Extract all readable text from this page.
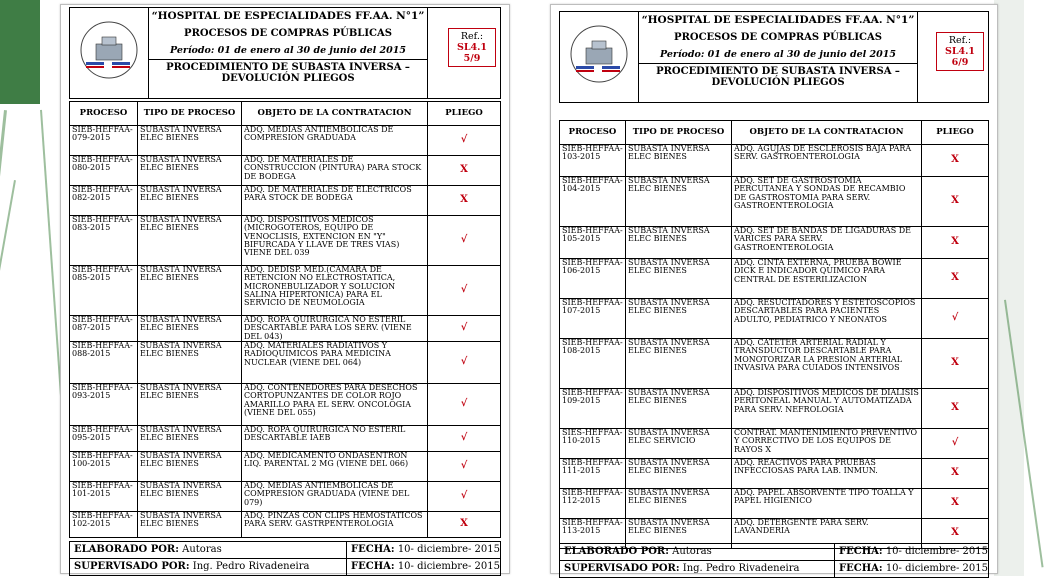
“HOSPITAL DE ESPECIALIDADES FF.AA. N°1”
PROCESOS DE COMPRAS PÚBLICAS
Período: 01 de enero al 30 de junio del 2015
PROCEDIMIENTO DE SUBASTA INVERSA –
DEVOLUCIÓN PLIEGOS
Ref.:
SL4.1
5/9
PROCESO	TIPO DE PROCESO	OBJETO DE LA CONTRATACION	PLIEGO
SIEB-HEFFAA-079-2015	SUBASTA INVERSA ELEC BIENES	ADQ. MEDIAS ANTIEMBOLICAS DE COMPRESION GRADUADA	√
SIEB-HEFFAA-080-2015	SUBASTA INVERSA ELEC BIENES	ADQ. DE MATERIALES DE CONSTRUCCION (PINTURA) PARA STOCK DE BODEGA	X
SIEB-HEFFAA-082-2015	SUBASTA INVERSA ELEC BIENES	ADQ. DE MATERIALES DE ELECTRICOS PARA STOCK DE BODEGA	X
SIEB-HEFFAA-083-2015	SUBASTA INVERSA ELEC BIENES	ADQ. DISPOSITIVOS MEDICOS (MICROGOTEROS, EQUIPO DE VENOCLISIS, EXTENCION EN "Y" BIFURCADA Y LLAVE DE TRES VIAS) VIENE DEL 039	√
SIEB-HEFFAA-085-2015	SUBASTA INVERSA ELEC BIENES	ADQ. DEDISP. MED.(CAMARA DE RETENCION NO ELECTROSTATICA, MICRONEBULIZADOR Y SOLUCION SALINA HIPERTONICA) PARA EL SERVICIO DE NEUMOLOGIA	√
SIEB-HEFFAA-087-2015	SUBASTA INVERSA ELEC BIENES	ADQ. ROPA QUIRURGICA NO ESTERIL DESCARTABLE PARA LOS SERV. (VIENE DEL 043)	√
SIEB-HEFFAA-088-2015	SUBASTA INVERSA ELEC BIENES	ADQ. MATERIALES RADIATIVOS Y RADIOQUIMICOS PARA MEDICINA NUCLEAR (VIENE DEL 064)	√
SIEB-HEFFAA-093-2015	SUBASTA INVERSA ELEC BIENES	ADQ. CONTENEDORES PARA DESECHOS CORTOPUNZANTES DE COLOR ROJO AMARILLO PARA EL SERV. ONCOLOGIA (VIENE DEL 055)	√
SIEB-HEFFAA-095-2015	SUBASTA INVERSA ELEC BIENES	ADQ. ROPA QUIRURGICA NO ESTERIL DESCARTABLE IAEB	√
SIEB-HEFFAA-100-2015	SUBASTA INVERSA ELEC BIENES	ADQ. MEDICAMENTO ONDASENTRON LIQ. PARENTAL 2 MG (VIENE DEL 066)	√
SIEB-HEFFAA-101-2015	SUBASTA INVERSA ELEC BIENES	ADQ. MEDIAS ANTIEMBOLICAS DE COMPRESION GRADUADA (VIENE DEL 079)	√
SIEB-HEFFAA-102-2015	SUBASTA INVERSA ELEC BIENES	ADQ. PINZAS CON CLIPS HEMOSTATICOS PARA SERV. GASTRPENTEROLOGIA	X
ELABORADO POR: Autoras	FECHA: 10- diciembre- 2015
SUPERVISADO POR: Ing. Pedro Rivadeneira	FECHA: 10- diciembre- 2015
“HOSPITAL DE ESPECIALIDADES FF.AA. N°1”
PROCESOS DE COMPRAS PÚBLICAS
Período: 01 de enero al 30 de junio del 2015
PROCEDIMIENTO DE SUBASTA INVERSA –
DEVOLUCIÓN PLIEGOS
Ref.:
SL4.1
6/9
PROCESO	TIPO DE PROCESO	OBJETO DE LA CONTRATACION	PLIEGO
SIEB-HEFFAA-103-2015	SUBASTA INVERSA ELEC BIENES	ADQ. AGUJAS DE ESCLEROSIS BAJA PARA SERV. GASTROENTEROLOGIA	X
SIEB-HEFFAA-104-2015	SUBASTA INVERSA ELEC BIENES	ADQ. SET DE GASTROSTOMIA PERCUTANEA Y SONDAS DE RECAMBIO DE GASTROSTOMIA PARA SERV. GASTROENTEROLOGIA	X
SIEB-HEFFAA-105-2015	SUBASTA INVERSA ELEC BIENES	ADQ. SET DE BANDAS DE LIGADURAS DE VARICES PARA SERV. GASTROENTEROLOGIA	X
SIEB-HEFFAA-106-2015	SUBASTA INVERSA ELEC BIENES	ADQ. CINTA EXTERNA, PRUEBA BOWIE DICK E INDICADOR QUIMICO PARA CENTRAL DE ESTERILIZACION	X
SIEB-HEFFAA-107-2015	SUBASTA INVERSA ELEC BIENES	ADQ. RESUCITADORES Y ESTETOSCOPIOS DESCARTABLES PARA PACIENTES ADULTO, PEDIATRICO Y NEONATOS	√
SIEB-HEFFAA-108-2015	SUBASTA INVERSA ELEC BIENES	ADQ. CATETER ARTERIAL RADIAL Y TRANSDUCTOR DESCARTABLE PARA MONOTORIZAR LA PRESION ARTERIAL INVASIVA PARA CUIADOS INTENSIVOS	X
SIEB-HEFFAA-109-2015	SUBASTA INVERSA ELEC BIENES	ADQ. DISPOSITIVOS MEDICOS DE DIALISIS PERITONEAL MANUAL Y AUTOMATIZADA PARA SERV. NEFROLOGIA	X
SIES-HEFFAA-110-2015	SUBASTA INVERSA ELEC SERVICIO	CONTRAT. MANTENIMIENTO PREVENTIVO Y CORRECTIVO DE LOS EQUIPOS DE RAYOS X	√
SIEB-HEFFAA-111-2015	SUBASTA INVERSA ELEC BIENES	ADQ. REACTIVOS PARA PRUEBAS INFECCIOSAS PARA LAB. INMUN.	X
SIEB-HEFFAA-112-2015	SUBASTA INVERSA ELEC BIENES	ADQ. PAPEL ABSORVENTE TIPO TOALLA Y PAPEL HIGIENICO	X
SIEB-HEFFAA-113-2015	SUBASTA INVERSA ELEC BIENES	ADQ. DETERGENTE PARA SERV. LAVANDERIA	X
ELABORADO POR: Autoras	FECHA: 10- diciembre- 2015
SUPERVISADO POR: Ing. Pedro Rivadeneira	FECHA: 10- diciembre- 2015
